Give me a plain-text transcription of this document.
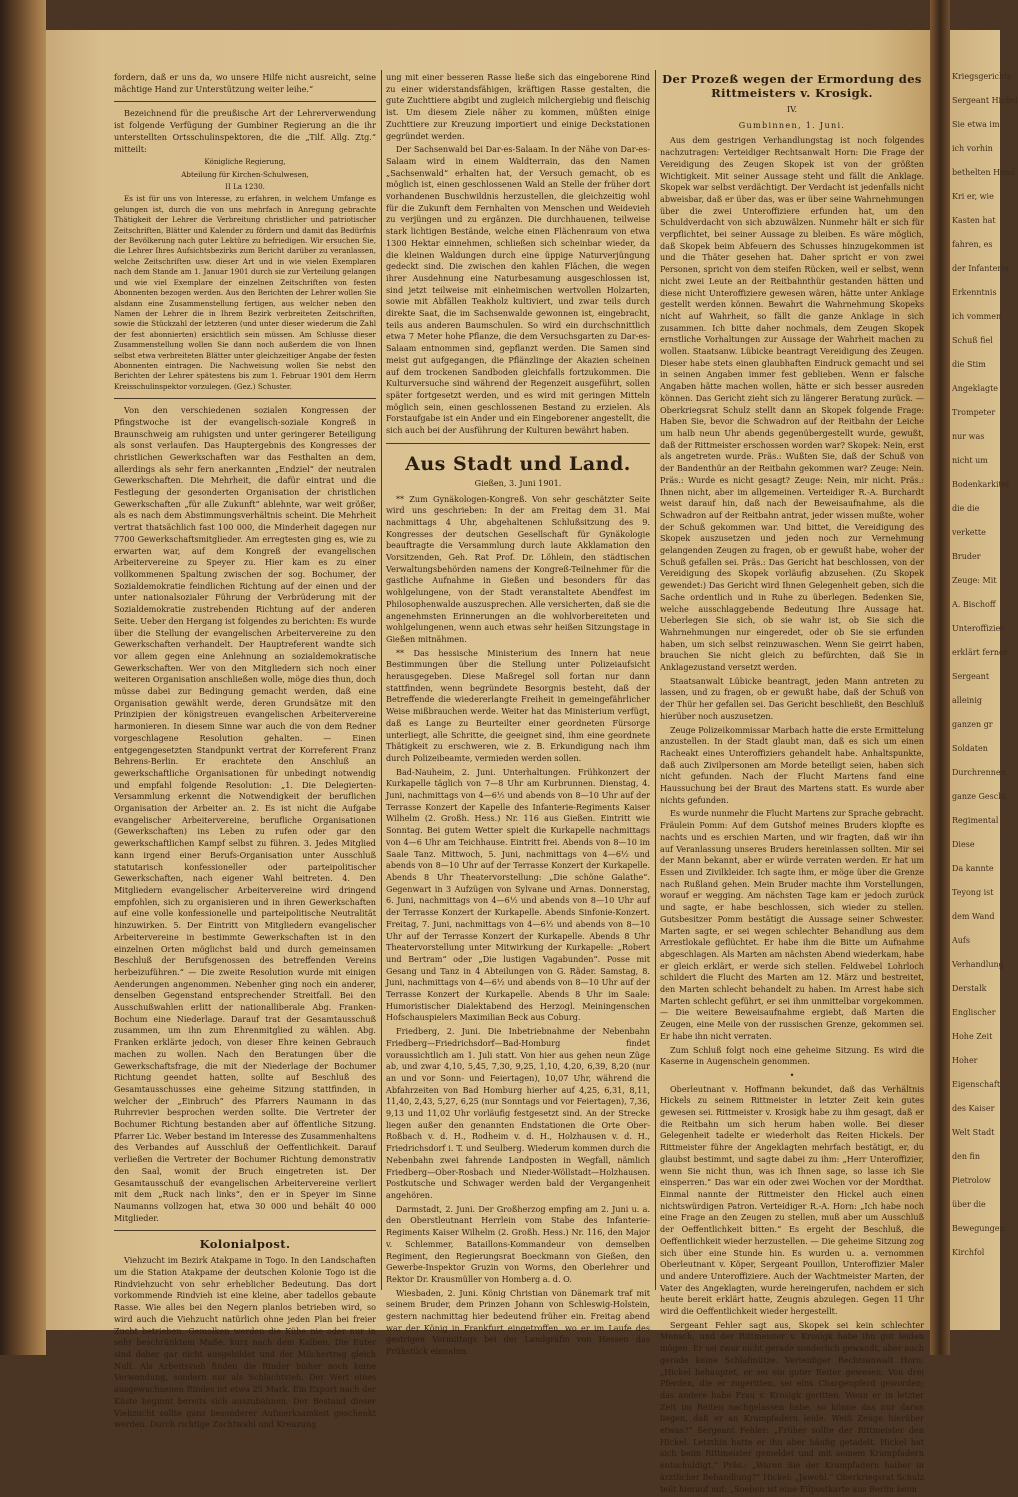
Kriegsgerichte
Sergeant Hickel
Sie etwa im
ich vorhin
bethelten Hand
Kri er, wie
Kasten hat
fahren, es
der Infanterie
Erkenntnis
ich vommen
Schuß fiel
die Stim
Angeklagte
Trompeter
nur was
nicht um
Bodenkarkitel
die die
verkette
Bruder
Zeuge: Mit
A. Bischoff
Unteroffizier
erklärt ferner
Sergeant
alleinig
ganzen gr
Soldaten
Durchrennen
ganze Geschi
Regimental
Diese
Da kannte
Teyong ist
dem Wand
Aufs
Verhandlung
Derstalk
Englischer
Hohe Zeit
Hoher
Eigenschaft
des Kaiser
Welt Stadt
den fin
Pietrolow
über die
Bewegungen
Kirchfol

fordern, daß er uns da, wo unsere Hilfe nicht ausreicht, seine mächtige Hand zur Unterstützung weiter leihe.“

Bezeichnend für die preußische Art der Lehrerverwendung ist folgende Verfügung der Gumbiner Regierung an die ihr unterstellten Ortsschulinspektoren, die die „Tilf. Allg. Ztg.“ mitteilt:

Königliche Regierung,

Abteilung für Kirchen-Schulwesen,

II La 1230.

Es ist für uns von Interesse, zu erfahren, in welchem Umfange es gelungen ist, durch die von uns mehrfach in Anregung gebrachte Thätigkeit der Lehrer die Verbreitung christlicher und patriotischer Zeitschriften, Blätter und Kalender zu fördern und damit das Bedürfnis der Bevölkerung nach guter Lektüre zu befriedigen. Wir ersuchen Sie, die Lehrer Ihres Aufsichtsbezirks zum Bericht darüber zu veranlassen, welche Zeitschriften usw. dieser Art und in wie vielen Exemplaren nach dem Stande am 1. Januar 1901 durch sie zur Verteilung gelangen und wie viel Exemplare der einzelnen Zeitschriften von festen Abonnenten bezogen werden. Aus den Berichten der Lehrer wollen Sie alsdann eine Zusammenstellung fertigen, aus welcher neben den Namen der Lehrer die in Ihrem Bezirk verbreiteten Zeitschriften, sowie die Stückzahl der letzteren (und unter dieser wiederum die Zahl der fest abonnierten) ersichtlich sein müssen. Am Schlusse dieser Zusammenstellung wollen Sie dann noch außerdem die von Ihnen selbst etwa verbreiteten Blätter unter gleichzeitiger Angabe der festen Abonnenten eintragen. Die Nachweisung wollen Sie nebst den Berichten der Lehrer spätestens bis zum 1. Februar 1901 dem Herrn Kreisschulinspektor vorzulegen. (Gez.) Schuster.

Von den verschiedenen sozialen Kongressen der Pfingstwoche ist der evangelisch-soziale Kongreß in Braunschweig am ruhigsten und unter geringerer Beteiligung als sonst verlaufen. Das Hauptergebnis des Kongresses der christlichen Gewerkschaften war das Festhalten an dem, allerdings als sehr fern anerkannten „Endziel“ der neutralen Gewerkschaften. Die Mehrheit, die dafür eintrat und die Festlegung der gesonderten Organisation der christlichen Gewerkschaften „für alle Zukunft“ ablehnte, war weit größer, als es nach dem Abstimmungsverhältnis scheint. Die Mehrheit vertrat thatsächlich fast 100 000, die Minderheit dagegen nur 7700 Gewerkschaftsmitglieder. Am erregtesten ging es, wie zu erwarten war, auf dem Kongreß der evangelischen Arbeitervereine zu Speyer zu. Hier kam es zu einer vollkommenen Spaltung zwischen der sog. Bochumer, der Sozialdemokratie feindlichen Richtung auf der einen und der unter nationalsozialer Führung der Verbrüderung mit der Sozialdemokratie zustrebenden Richtung auf der anderen Seite. Ueber den Hergang ist folgendes zu berichten: Es wurde über die Stellung der evangelischen Arbeitervereine zu den Gewerkschaften verhandelt. Der Hauptreferent wandte sich vor allem gegen eine Anlehnung an sozialdemokratische Gewerkschaften. Wer von den Mitgliedern sich noch einer weiteren Organisation anschließen wolle, möge dies thun, doch müsse dabei zur Bedingung gemacht werden, daß eine Organisation gewählt werde, deren Grundsätze mit den Prinzipien der königstreuen evangelischen Arbeitervereine harmonieren. In diesem Sinne war auch die von dem Redner vorgeschlagene Resolution gehalten. — Einen entgegengesetzten Standpunkt vertrat der Korreferent Franz Behrens-Berlin. Er erachtete den Anschluß an gewerkschaftliche Organisationen für unbedingt notwendig und empfahl folgende Resolution: „1. Die Delegierten-Versammlung erkennt die Notwendigkeit der beruflichen Organisation der Arbeiter an. 2. Es ist nicht die Aufgabe evangelischer Arbeitervereine, berufliche Organisationen (Gewerkschaften) ins Leben zu rufen oder gar den gewerkschaftlichen Kampf selbst zu führen. 3. Jedes Mitglied kann irgend einer Berufs-Organisation unter Ausschluß statutarisch konfessioneller oder parteipolitischer Gewerkschaften, nach eigener Wahl beitreten. 4. Den Mitgliedern evangelischer Arbeitervereine wird dringend empfohlen, sich zu organisieren und in ihren Gewerkschaften auf eine volle konfessionelle und parteipolitische Neutralität hinzuwirken. 5. Der Eintritt von Mitgliedern evangelischer Arbeitervereine in bestimmte Gewerkschaften ist in den einzelnen Orten möglichst bald und durch gemeinsamen Beschluß der Berufsgenossen des betreffenden Vereins herbeizuführen.“ — Die zweite Resolution wurde mit einigen Aenderungen angenommen. Nebenher ging noch ein anderer, denselben Gegenstand entsprechender Streitfall. Bei den Ausschußwahlen erlitt der nationalliberale Abg. Franken-Bochum eine Niederlage. Darauf trat der Gesamtausschuß zusammen, um ihn zum Ehrenmitglied zu wählen. Abg. Franken erklärte jedoch, von dieser Ehre keinen Gebrauch machen zu wollen. Nach den Beratungen über die Gewerkschaftsfrage, die mit der Niederlage der Bochumer Richtung geendet hatten, sollte auf Beschluß des Gesamtausschusses eine geheime Sitzung stattfinden, in welcher der „Einbruch“ des Pfarrers Naumann in das Ruhrrevier besprochen werden sollte. Die Vertreter der Bochumer Richtung bestanden aber auf öffentliche Sitzung. Pfarrer Lic. Weber bestand im Interesse des Zusammenhaltens des Verbandes auf Ausschluß der Oeffentlichkeit. Darauf verließen die Vertreter der Bochumer Richtung demonstrativ den Saal, womit der Bruch eingetreten ist. Der Gesamtausschuß der evangelischen Arbeitervereine verliert mit dem „Ruck nach links“, den er in Speyer im Sinne Naumanns vollzogen hat, etwa 30 000 und behält 40 000 Mitglieder.

Kolonialpost.

Viehzucht im Bezirk Atakpame in Togo. In den Landschaften um die Station Atakpame der deutschen Kolonie Togo ist die Rindviehzucht von sehr erheblicher Bedeutung. Das dort vorkommende Rindvieh ist eine kleine, aber tadellos gebaute Rasse. Wie alles bei den Negern planlos betrieben wird, so wird auch die Viehzucht natürlich ohne jeden Plan bei freier Zucht betrieben. Gemolken werden die Kühe nie oder nur in sehr beschränktem Maße, kurz nach dem Kalben. Die Euter sind daher gar nicht ausgebildet und der Milchertrag gleich Null. Als Arbeitsvieh finden die Rinder bisher noch keine Verwendung, sondern nur als Schlachtvieh. Der Wert eines ausgewachsenen Rindes ist etwa 25 Mark. Ein Export nach der Küste beginnt bereits sich auszubahnen. Der Bestand dieser Viehzucht sollte ganz besonderer Aufmerksamkeit geschenkt werden. Durch richtige Zuchtwahl und Kreuzung

ung mit einer besseren Rasse ließe sich das eingeborene Rind zu einer widerstandsfähigen, kräftigen Rasse gestalten, die gute Zuchttiere abgibt und zugleich milchergiebig und fleischig ist. Um diesem Ziele näher zu kommen, müßten einige Zuchttiere zur Kreuzung importiert und einige Deckstationen gegründet werden.

Der Sachsenwald bei Dar-es-Salaam. In der Nähe von Dar-es-Salaam wird in einem Waldterrain, das den Namen „Sachsenwald“ erhalten hat, der Versuch gemacht, ob es möglich ist, einen geschlossenen Wald an Stelle der früher dort vorhandenen Buschwildnis herzustellen, die gleichzeitig wohl für die Zukunft dem Fernhalten von Menschen und Weidevieh zu verjüngen und zu ergänzen. Die durchhauenen, teilweise stark lichtigen Bestände, welche einen Flächenraum von etwa 1300 Hektar einnehmen, schließen sich scheinbar wieder, da die kleinen Waldungen durch eine üppige Naturverjüngung gedeckt sind. Die zwischen den kahlen Flächen, die wegen ihrer Ausdehnung eine Naturbesamung ausgeschlossen ist, sind jetzt teilweise mit einheimischen wertvollen Holzarten, sowie mit Abfällen Teakholz kultiviert, und zwar teils durch direkte Saat, die im Sachsenwalde gewonnen ist, eingebracht, teils aus anderen Baumschulen. So wird ein durchschnittlich etwa 7 Meter hohe Pflanze, die dem Versuchsgarten zu Dar-es-Salaam entnommen sind, gepflanzt werden. Die Samen sind meist gut aufgegangen, die Pflänzlinge der Akazien scheinen auf dem trockenen Sandboden gleichfalls fortzukommen. Die Kulturversuche sind während der Regenzeit ausgeführt, sollen später fortgesetzt werden, und es wird mit geringen Mitteln möglich sein, einen geschlossenen Bestand zu erzielen. Als Forstaufgabe ist ein Ander und ein Eingeborener angestellt, die sich auch bei der Ausführung der Kulturen bewährt haben.

Aus Stadt und Land.
Gießen, 3. Juni 1901.

** Zum Gynäkologen-Kongreß. Von sehr geschätzter Seite wird uns geschrieben: In der am Freitag dem 31. Mai nachmittags 4 Uhr, abgehaltenen Schlußsitzung des 9. Kongresses der deutschen Gesellschaft für Gynäkologie beauftragte die Versammlung durch laute Akklamation den Vorsitzenden, Geh. Rat Prof. Dr. Löhlein, den städtischen Verwaltungsbehörden namens der Kongreß-Teilnehmer für die gastliche Aufnahme in Gießen und besonders für das wohlgelungene, von der Stadt veranstaltete Abendfest im Philosophenwalde auszusprechen. Alle versicherten, daß sie die angenehmsten Erinnerungen an die wohlvorbereiteten und wohlgelungenen, wenn auch etwas sehr heißen Sitzungstage in Gießen mitnähmen.

** Das hessische Ministerium des Innern hat neue Bestimmungen über die Stellung unter Polizeiaufsicht herausgegeben. Diese Maßregel soll fortan nur dann stattfinden, wenn begründete Besorgnis besteht, daß der Betreffende die wiedererlangte Freiheit in gemeingefährlicher Weise mißbrauchen werde. Weiter hat das Ministerium verfügt, daß es Lange zu Beurteilter einer geordneten Fürsorge unterliegt, alle Schritte, die geeignet sind, ihm eine geordnete Thätigkeit zu erschweren, wie z. B. Erkundigung nach ihm durch Polizeibeamte, vermieden werden sollen.

Bad-Nauheim, 2. Juni. Unterhaltungen. Frühkonzert der Kurkapelle täglich von 7—8 Uhr am Kurbrunnen. Dienstag, 4. Juni, nachmittags von 4—6½ und abends von 8—10 Uhr auf der Terrasse Konzert der Kapelle des Infanterie-Regiments Kaiser Wilhelm (2. Großh. Hess.) Nr. 116 aus Gießen. Eintritt wie Sonntag. Bei gutem Wetter spielt die Kurkapelle nachmittags von 4—6 Uhr am Teichhause. Eintritt frei. Abends von 8—10 im Saale Tanz. Mittwoch, 5. Juni, nachmittags von 4—6½ und abends von 8—10 Uhr auf der Terrasse Konzert der Kurkapelle. Abends 8 Uhr Theatervorstellung: „Die schöne Galathe“. Gegenwart in 3 Aufzügen von Sylvane und Arnas. Donnerstag, 6. Juni, nachmittags von 4—6½ und abends von 8—10 Uhr auf der Terrasse Konzert der Kurkapelle. Abends Sinfonie-Konzert. Freitag, 7. Juni, nachmittags von 4—6½ und abends von 8—10 Uhr auf der Terrasse Konzert der Kurkapelle. Abends 8 Uhr Theatervorstellung unter Mitwirkung der Kurkapelle: „Robert und Bertram“ oder „Die lustigen Vagabunden“. Posse mit Gesang und Tanz in 4 Abteilungen von G. Räder. Samstag, 8. Juni, nachmittags von 4—6½ und abends von 8—10 Uhr auf der Terrasse Konzert der Kurkapelle. Abends 8 Uhr im Saale: Humoristischer Dialektabend des Herzogl. Meiningenschen Hofschauspielers Maximilian Beck aus Coburg.

Friedberg, 2. Juni. Die Inbetriebnahme der Nebenbahn Friedberg—Friedrichsdorf—Bad-Homburg findet voraussichtlich am 1. Juli statt. Von hier aus gehen neun Züge ab, und zwar 4,10, 5,45, 7,30, 9,25, 1,10, 4,20, 6,39, 8,20 (nur an und vor Sonn- und Feiertagen), 10,07 Uhr, während die Abfahrzeiten von Bad Homburg hierher auf 4,25, 6,31, 8,11, 11,40, 2,43, 5,27, 6,25 (nur Sonntags und vor Feiertagen), 7,36, 9,13 und 11,02 Uhr vorläufig festgesetzt sind. An der Strecke liegen außer den genannten Endstationen die Orte Ober-Roßbach v. d. H., Rodheim v. d. H., Holzhausen v. d. H., Friedrichsdorf i. T. und Seulberg. Wiederum kommen durch die Nebenbahn zwei fahrende Landposten in Wegfall, nämlich Friedberg—Ober-Rosbach und Nieder-Wöllstadt—Holzhausen. Postkutsche und Schwager werden bald der Vergangenheit angehören.

Darmstadt, 2. Juni. Der Großherzog empfing am 2. Juni u. a. den Oberstleutnant Herrlein vom Stabe des Infanterie-Regiments Kaiser Wilhelm (2. Großh. Hess.) Nr. 116, den Major v. Schlemmer, Bataillons-Kommandeur von demselben Regiment, den Regierungsrat Boeckmann von Gießen, den Gewerbe-Inspektor Gruzin von Worms, den Oberlehrer und Rektor Dr. Krausmüller von Homberg a. d. O.

Wiesbaden, 2. Juni. König Christian von Dänemark traf mit seinem Bruder, dem Prinzen Johann von Schleswig-Holstein, gestern nachmittag hier bedeutend früher ein. Freitag abend war der König in Frankfurt eingetroffen, wo er im Laufe des gestrigen Vormittags bei der Landgräfin von Hessen das Frühstück einnahm.

Der Prozeß wegen der Ermordung des Rittmeisters v. Krosigk.
IV.
Gumbinnen, 1. Juni.

Aus dem gestrigen Verhandlungstag ist noch folgendes nachzutragen: Verteidiger Rechtsanwalt Horn: Die Frage der Vereidigung des Zeugen Skopek ist von der größten Wichtigkeit. Mit seiner Aussage steht und fällt die Anklage. Skopek war selbst verdächtigt. Der Verdacht ist jedenfalls nicht abweisbar, daß er über das, was er über seine Wahrnehmungen über die zwei Unteroffiziere erfunden hat, um den Schuldverdacht von sich abzuwälzen. Nunmehr hält er sich für verpflichtet, bei seiner Aussage zu bleiben. Es wäre möglich, daß Skopek beim Abfeuern des Schusses hinzugekommen ist und die Thäter gesehen hat. Daher spricht er von zwei Personen, spricht von dem steifen Rücken, weil er selbst, wenn nicht zwei Leute an der Reitbahnthür gestanden hätten und diese nicht Unteroffiziere gewesen wären, hätte unter Anklage gestellt werden können. Bewahrt die Wahrnehmung Skopeks nicht auf Wahrheit, so fällt die ganze Anklage in sich zusammen. Ich bitte daher nochmals, dem Zeugen Skopek ernstliche Vorhaltungen zur Aussage der Wahrheit machen zu wollen. Staatsanw. Lübicke beantragt Vereidigung des Zeugen. Dieser habe stets einen glaubhaften Eindruck gemacht und sei in seinen Angaben immer fest geblieben. Wenn er falsche Angaben hätte machen wollen, hätte er sich besser ausreden können. Das Gericht zieht sich zu längerer Beratung zurück. — Oberkriegsrat Schulz stellt dann an Skopek folgende Frage: Haben Sie, bevor die Schwadron auf der Reitbahn der Leiche um halb neun Uhr abends gegenübergestellt wurde, gewußt, daß der Rittmeister erschossen worden war? Skopek: Nein, erst als angetreten wurde. Präs.: Wußten Sie, daß der Schuß von der Bandenthür an der Reitbahn gekommen war? Zeuge: Nein. Präs.: Wurde es nicht gesagt? Zeuge: Nein, mir nicht. Präs.: Ihnen nicht, aber im allgemeinen. Verteidiger R.-A. Burchardt weist darauf hin, daß nach der Beweisaufnahme, als die Schwadron auf der Reitbahn antrat, jeder wissen mußte, woher der Schuß gekommen war. Und bittet, die Vereidigung des Skopek auszusetzen und jeden noch zur Vernehmung gelangenden Zeugen zu fragen, ob er gewußt habe, woher der Schuß gefallen sei. Präs.: Das Gericht hat beschlossen, von der Vereidigung des Skopek vorläufig abzusehen. (Zu Skopek gewendet:) Das Gericht wird Ihnen Gelegenheit geben, sich die Sache ordentlich und in Ruhe zu überlegen. Bedenken Sie, welche ausschlaggebende Bedeutung Ihre Aussage hat. Ueberlegen Sie sich, ob sie wahr ist, ob Sie sich die Wahrnehmungen nur eingeredet, oder ob Sie sie erfunden haben, um sich selbst reinzuwaschen. Wenn Sie geirrt haben, brauchen Sie nicht gleich zu befürchten, daß Sie in Anklagezustand versetzt werden.

Staatsanwalt Lübicke beantragt, jeden Mann antreten zu lassen, und zu fragen, ob er gewußt habe, daß der Schuß von der Thür her gefallen sei. Das Gericht beschließt, den Beschluß hierüber noch auszusetzen.

Zeuge Polizeikommissar Marbach hatte die erste Ermittelung anzustellen. In der Stadt glaubt man, daß es sich um einen Racheakt eines Unteroffiziers gehandelt habe. Anhaltspunkte, daß auch Zivilpersonen am Morde beteiligt seien, haben sich nicht gefunden. Nach der Flucht Martens fand eine Haussuchung bei der Braut des Martens statt. Es wurde aber nichts gefunden.

Es wurde nunmehr die Flucht Martens zur Sprache gebracht. Fräulein Pomm: Auf dem Gutshof meines Bruders klopfte es nachts und es erschien Marten, und wir fragten, daß wir ihn auf Veranlassung unseres Bruders hereinlassen sollten. Mir sei der Mann bekannt, aber er würde verraten werden. Er hat um Essen und Zivilkleider. Ich sagte ihm, er möge über die Grenze nach Rußland gehen. Mein Bruder machte ihm Vorstellungen, worauf er wegging. Am nächsten Tage kam er jedoch zurück und sagte, er habe beschlossen, sich wieder zu stellen. Gutsbesitzer Pomm bestätigt die Aussage seiner Schwester. Marten sagte, er sei wegen schlechter Behandlung aus dem Arrestlokale geflüchtet. Er habe ihm die Bitte um Aufnahme abgeschlagen. Als Marten am nächsten Abend wiederkam, habe er gleich erklärt, er werde sich stellen. Feldwebel Lohrloch schildert die Flucht des Marten am 12. März und bestreitet, den Marten schlecht behandelt zu haben. Im Arrest habe sich Marten schlecht geführt, er sei ihm unmittelbar vorgekommen. — Die weitere Beweisaufnahme ergiebt, daß Marten die Zeugen, eine Meile von der russischen Grenze, gekommen sei. Er habe ihn nicht verraten.

Zum Schluß folgt noch eine geheime Sitzung. Es wird die Kaserne in Augenschein genommen.

•

Oberleutnant v. Hoffmann bekundet, daß das Verhältnis Hickels zu seinem Rittmeister in letzter Zeit kein gutes gewesen sei. Rittmeister v. Krosigk habe zu ihm gesagt, daß er die Reitbahn um sich herum haben wolle. Bei dieser Gelegenheit tadelte er wiederholt das Reiten Hickels. Der Rittmeister führe der Angeklagten mehrfach bestätigt, er, du glaubst bestimmt, und sagte dabei zu ihm: „Herr Unteroffizier, wenn Sie nicht thun, was ich Ihnen sage, so lasse ich Sie einsperren.“ Das war ein oder zwei Wochen vor der Mordthat. Einmal nannte der Rittmeister den Hickel auch einen nichtswürdigen Patron. Verteidiger R.-A. Horn: „Ich habe noch eine Frage an den Zeugen zu stellen, muß aber um Ausschluß der Oeffentlichkeit bitten.“ Es ergeht der Beschluß, die Oeffentlichkeit wieder herzustellen. — Die geheime Sitzung zog sich über eine Stunde hin. Es wurden u. a. vernommen Oberleutnant v. Köper, Sergeant Pouillon, Unteroffizier Maler und andere Unteroffiziere. Auch der Wachtmeister Marten, der Vater des Angeklagten, wurde hereingerufen, nachdem er sich heute bereit erklärt hatte, Zeugnis abzulegen. Gegen 11 Uhr wird die Oeffentlichkeit wieder hergestellt.

Sergeant Fehler sagt aus, Skopek sei kein schlechter Mensch, und der Rittmeister v. Krosigk habe ihn gut leiden mögen. Er sei zwar nicht gerade sonderlich gewandt, aber auch gerade keine Schlafmütze. Verteidiger Rechtsanwalt Horn: „Hickel behauptet, er sei ein guter Reiter gewesen. Von drei Pferden, die er zugeritten, sei eins Chargenpferd geworden; das andere habe Frau v. Krosigk geritten. Wenn er in letzter Zeit im Reiten nachgelassen habe, so könne das nur daran liegen, daß er an Krampfadern leide. Weiß Zeuge hierüber etwas?“ Sergeant Fehler: „Früher sollte der Rittmeister den Hickel. Letzthin hatte er ihn aber häufig getadelt. Hickel hat sich beim Rittmeister gemeldet und mit seinem Krampfadern entschuldigt.“ Präs.: „Waren Sie der Krampfadern halber in ärztlicher Behandlung?“ Hickel: „Jawohl.“ Oberkriegsrat Schulz teilt hierauf mit: „Soeben ist eine Eilpostkarte aus Berlin beim
